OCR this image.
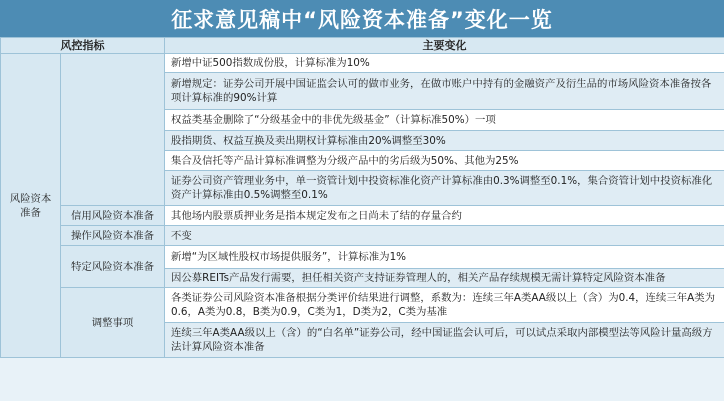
征求意见稿中“风险资本准备”变化一览
风控指标		主要变化
风险资本准备		新增中证500指数成份股，计算标准为10%
		新增规定：证券公司开展中国证监会认可的做市业务，在做市账户中持有的金融资产及衍生品的市场风险资本准备按各项计算标准的90%计算
		权益类基金删除了“分级基金中的非优先级基金”（计算标准50%）一项
		股指期货、权益互换及卖出期权计算标准由20%调整至30%
		集合及信托等产品计算标准调整为分级产品中的劣后级为50%、其他为25%
		证券公司资产管理业务中，单一资管计划中投资标准化资产计算标准由0.3%调整至0.1%，集合资管计划中投资标准化资产计算标准由0.5%调整至0.1%
	信用风险资本准备	其他场内股票质押业务是指本规定发布之日尚未了结的存量合约
	操作风险资本准备	不变
	特定风险资本准备	新增“为区域性股权市场提供服务”，计算标准为1%
		因公募REITs产品发行需要，担任相关资产支持证券管理人的，相关产品存续规模无需计算特定风险资本准备
	调整事项	各类证券公司风险资本准备根据分类评价结果进行调整，系数为：连续三年A类AA级以上（含）为0.4，连续三年A类为0.6，A类为0.8，B类为0.9，C类为1，D类为2，C类为基准
		连续三年A类AA级以上（含）的“白名单”证券公司，经中国证监会认可后，可以试点采取内部模型法等风险计量高级方法计算风险资本准备
